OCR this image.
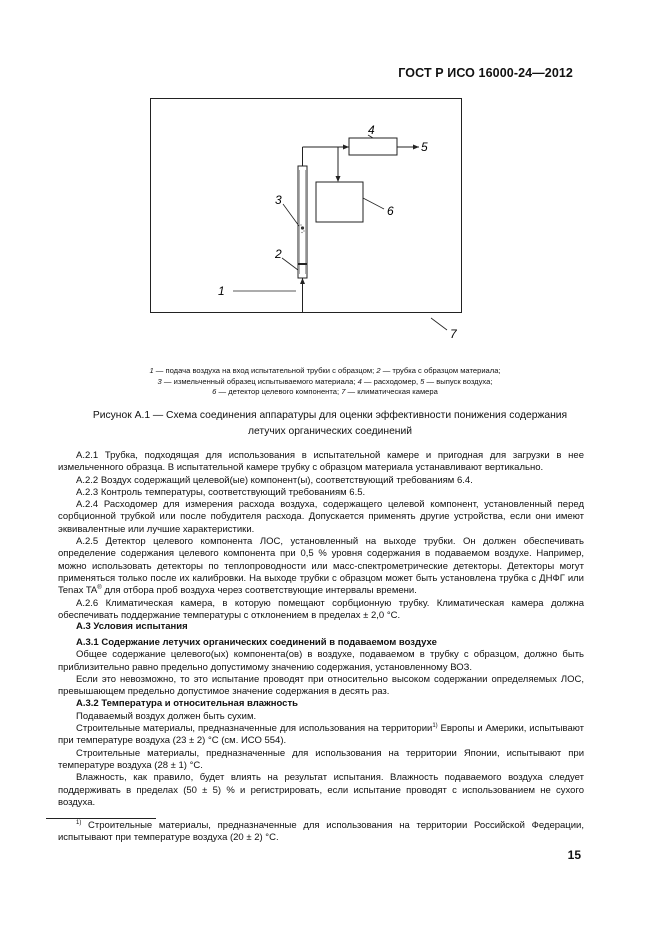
ГОСТ Р ИСО 16000-24—2012
1
2
3
4
5
6
7
1 — подача воздуха на вход испытательной трубки с образцом; 2 — трубка с образцом материала;
3 — измельченный образец испытываемого материала; 4 — расходомер, 5 — выпуск воздуха;
6 — детектор целевого компонента; 7 — климатическая камера
Рисунок А.1 — Схема соединения аппаратуры для оценки эффективности понижения содержания
летучих органических соединений

А.2.1 Трубка, подходящая для использования в испытательной камере и пригодная для загрузки в нее измельченного образца. В испытательной камере трубку с образцом материала устанавливают вертикально.

А.2.2 Воздух содержащий целевой(ые) компонент(ы), соответствующий требованиям 6.4.

А.2.3 Контроль температуры, соответствующий требованиям 6.5.

А.2.4 Расходомер для измерения расхода воздуха, содержащего целевой компонент, установленный перед сорбционной трубкой или после побудителя расхода. Допускается применять другие устройства, если они имеют эквивалентные или лучшие характеристики.

А.2.5 Детектор целевого компонента ЛОС, установленный на выходе трубки. Он должен обеспечивать определение содержания целевого компонента при 0,5 % уровня содержания в подаваемом воздухе. Например, можно использовать детекторы по теплопроводности или масс-спектрометрические детекторы. Детекторы могут применяться только после их калибровки. На выходе трубки с образцом может быть установлена трубка с ДНФГ или Tenax TA® для отбора проб воздуха через соответствующие интервалы времени.

А.2.6 Климатическая камера, в которую помещают сорбционную трубку. Климатическая камера должна обеспечивать поддержание температуры с отклонением в пределах ± 2,0 °С.

А.3 Условия испытания

А.3.1 Содержание летучих органических соединений в подаваемом воздухе

Общее содержание целевого(ых) компонента(ов) в воздухе, подаваемом в трубку с образцом, должно быть приблизительно равно предельно допустимому значению содержания, установленному ВОЗ.

Если это невозможно, то это испытание проводят при относительно высоком содержании определяемых ЛОС, превышающем предельно допустимое значение содержания в десять раз.

А.3.2 Температура и относительная влажность

Подаваемый воздух должен быть сухим.

Строительные материалы, предназначенные для использования на территории$^{1)}$ Европы и Америки, испытывают при температуре воздуха (23 ± 2) °С (см. ИСО 554).

Строительные материалы, предназначенные для использования на территории Японии, испытывают при температуре воздуха (28 ± 1) °С.

Влажность, как правило, будет влиять на результат испытания. Влажность подаваемого воздуха следует поддерживать в пределах (50 ± 5) % и регистрировать, если испытание проводят с использованием не сухого воздуха.

$^{1)}$ Строительные материалы, предназначенные для использования на территории Российской Федерации, испытывают при температуре воздуха (20 ± 2) °С.
15
